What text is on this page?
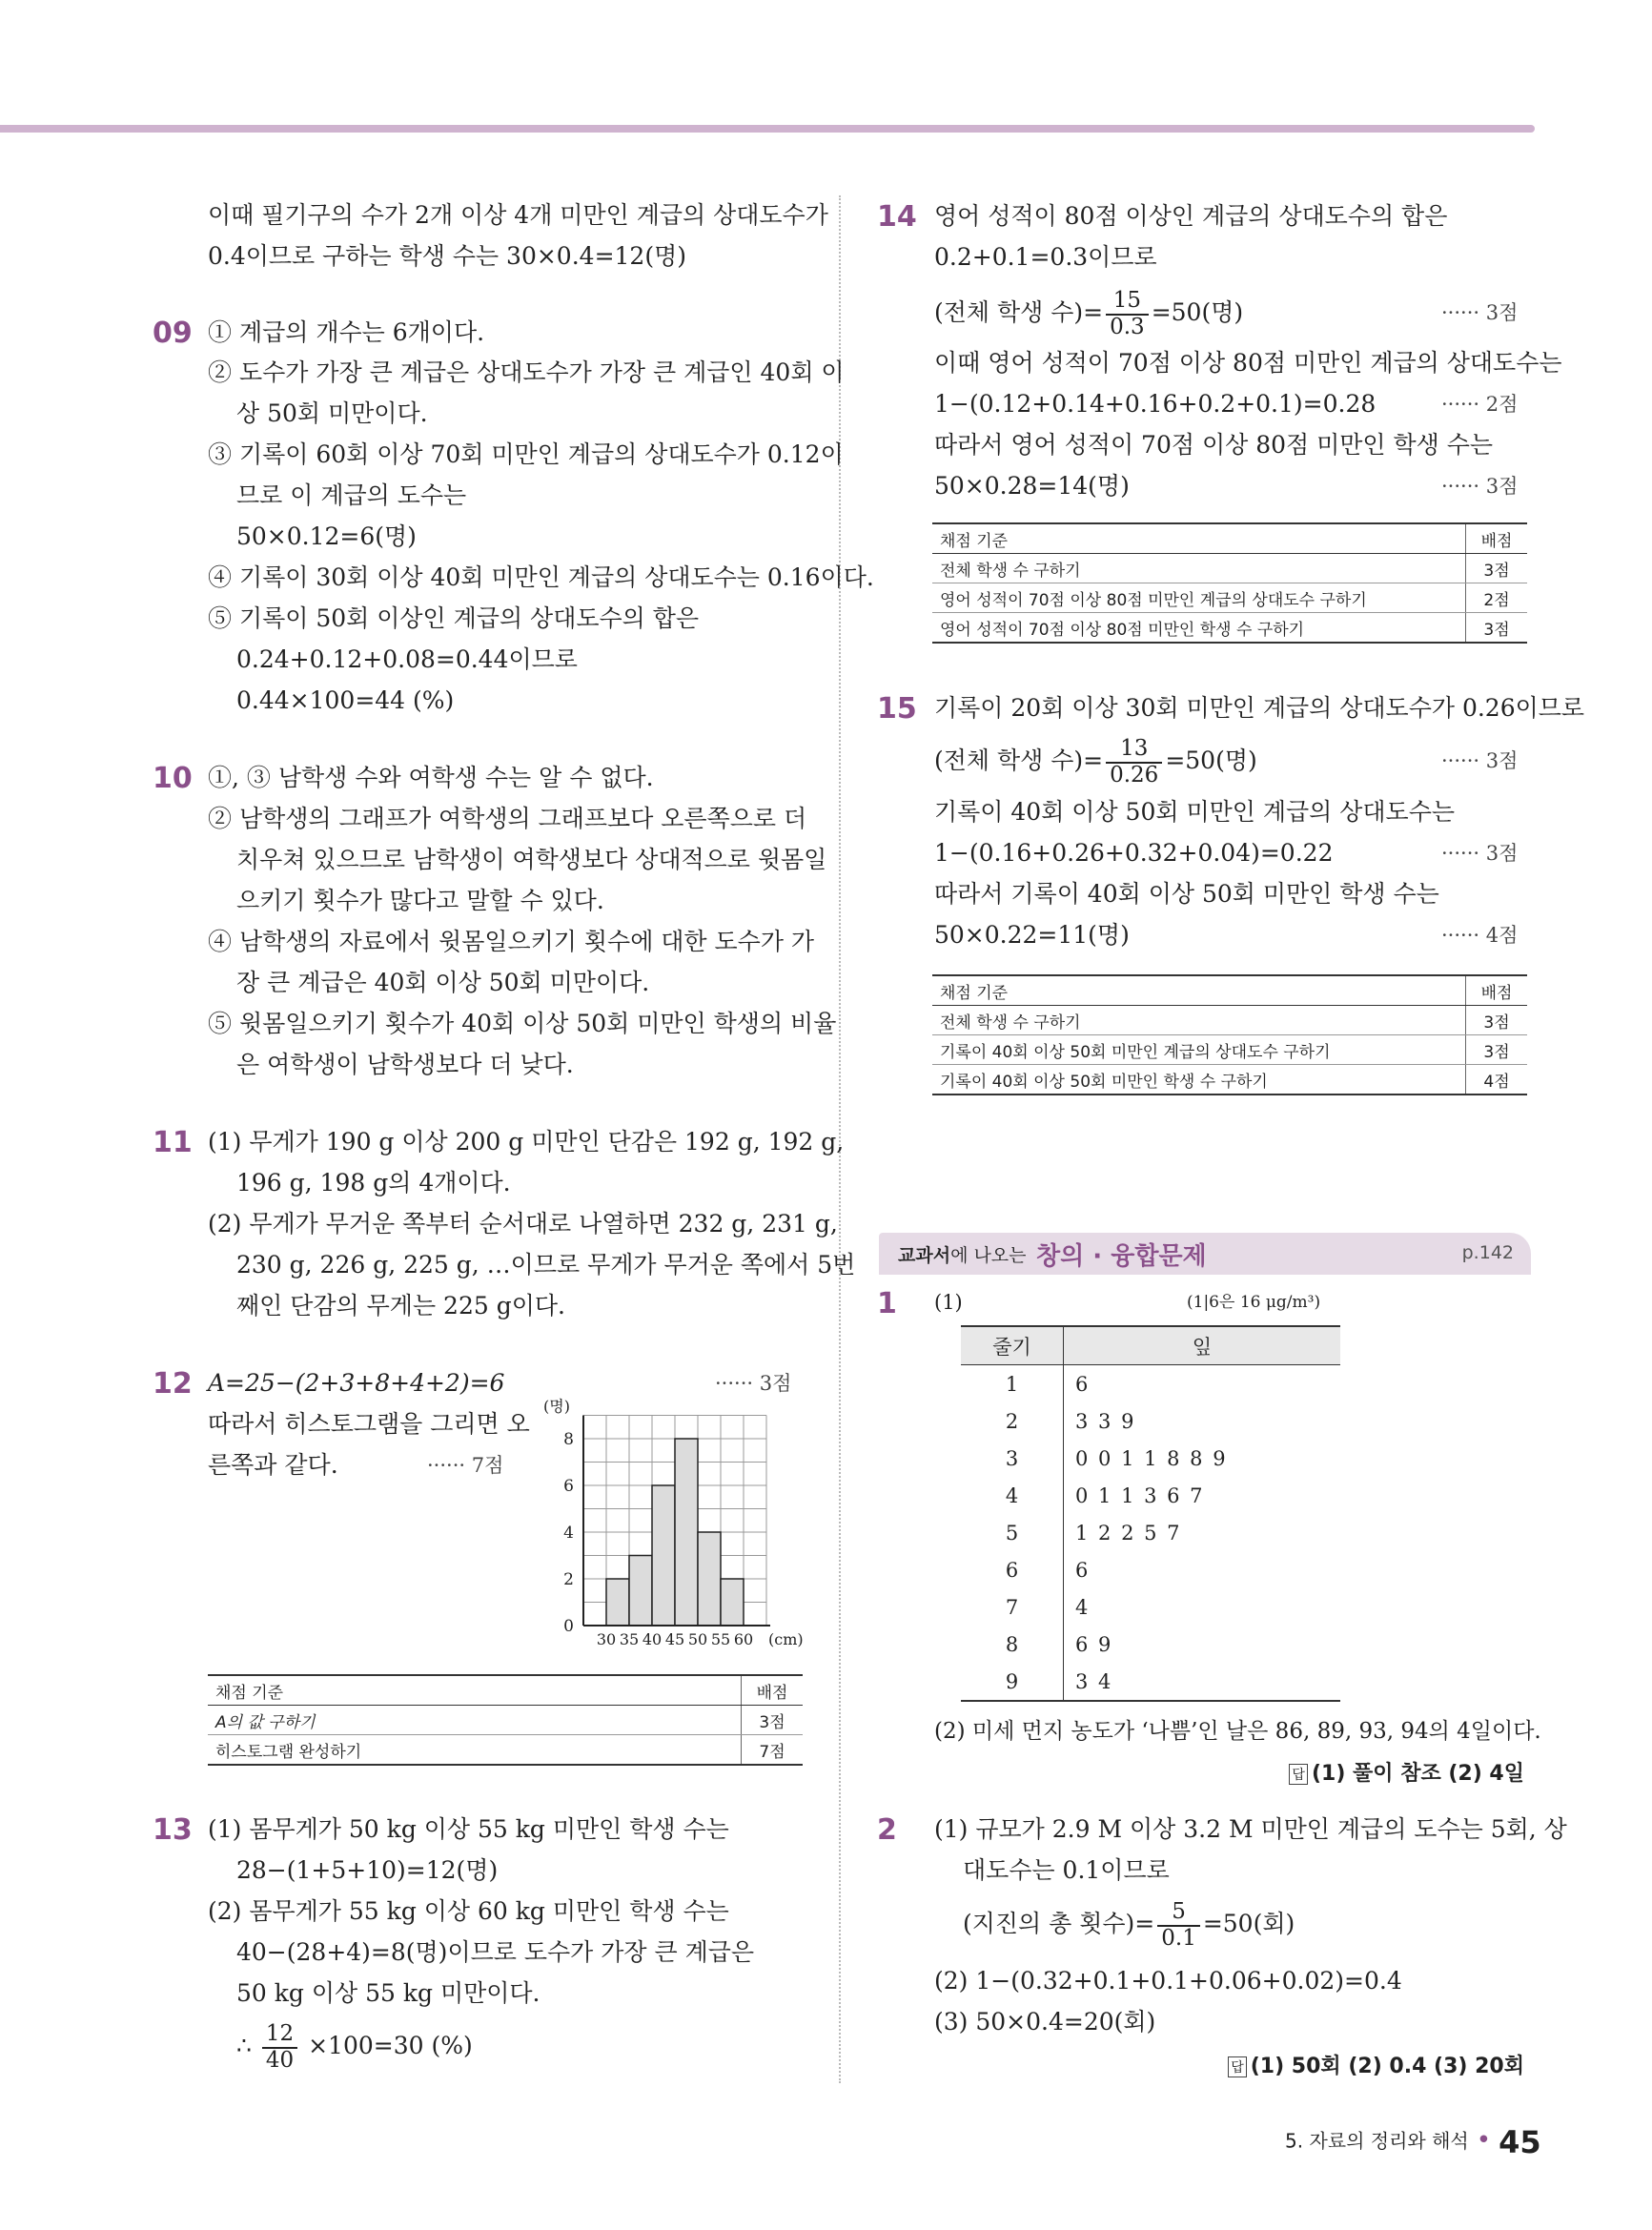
이때 필기구의 수가 2개 이상 4개 미만인 계급의 상대도수가
0.4이므로 구하는 학생 수는 30×0.4=12(명)
09 ① 계급의 개수는 6개이다.
② 도수가 가장 큰 계급은 상대도수가 가장 큰 계급인 40회 이
상 50회 미만이다.
③ 기록이 60회 이상 70회 미만인 계급의 상대도수가 0.12이
므로 이 계급의 도수는
50×0.12=6(명)
④ 기록이 30회 이상 40회 미만인 계급의 상대도수는 0.16이다.
⑤ 기록이 50회 이상인 계급의 상대도수의 합은
0.24+0.12+0.08=0.44이므로
0.44×100=44 (%)
10 ①, ③ 남학생 수와 여학생 수는 알 수 없다.
② 남학생의 그래프가 여학생의 그래프보다 오른쪽으로 더
치우쳐 있으므로 남학생이 여학생보다 상대적으로 윗몸일
으키기 횟수가 많다고 말할 수 있다.
④ 남학생의 자료에서 윗몸일으키기 횟수에 대한 도수가 가
장 큰 계급은 40회 이상 50회 미만이다.
⑤ 윗몸일으키기 횟수가 40회 이상 50회 미만인 학생의 비율
은 여학생이 남학생보다 더 낮다.
11 (1) 무게가 190 g 이상 200 g 미만인 단감은 192 g, 192 g,
196 g, 198 g의 4개이다.
(2) 무게가 무거운 쪽부터 순서대로 나열하면 232 g, 231 g,
230 g, 226 g, 225 g, …이므로 무게가 무거운 쪽에서 5번
째인 단감의 무게는 225 g이다.
12 A=25−(2+3+8+4+2)=6	······ 3점
따라서 히스토그램을 그리면 오
른쪽과 같다.	······ 7점
0
2
4
6
8
30 35 40 45 50 55 60
(명)
(cm)
채점 기준	배점
A의 값 구하기	3점
히스토그램 완성하기	7점
13 (1) 몸무게가 50 kg 이상 55 kg 미만인 학생 수는
28−(1+5+10)=12(명)
(2) 몸무게가 55 kg 이상 60 kg 미만인 학생 수는
40−(28+4)=8(명)이므로 도수가 가장 큰 계급은
50 kg 이상 55 kg 미만이다.
∴ $\frac{12}{40} \times 100=30$ (%)
14 영어 성적이 80점 이상인 계급의 상대도수의 합은
0.2+0.1=0.3이므로
(전체 학생 수)= $\frac{15}{0.3} =50$(명)	······ 3점
이때 영어 성적이 70점 이상 80점 미만인 계급의 상대도수는
1−(0.12+0.14+0.16+0.2+0.1)=0.28	······ 2점
따라서 영어 성적이 70점 이상 80점 미만인 학생 수는
50×0.28=14(명)	······ 3점
채점 기준	배점
전체 학생 수 구하기	3점
영어 성적이 70점 이상 80점 미만인 계급의 상대도수 구하기	2점
영어 성적이 70점 이상 80점 미만인 학생 수 구하기	3점
15 기록이 20회 이상 30회 미만인 계급의 상대도수가 0.26이므로
(전체 학생 수)= $\frac{13}{0.26} =50$(명)	······ 3점
기록이 40회 이상 50회 미만인 계급의 상대도수는
1−(0.16+0.26+0.32+0.04)=0.22	······ 3점
따라서 기록이 40회 이상 50회 미만인 학생 수는
50×0.22=11(명)	······ 4점
채점 기준	배점
전체 학생 수 구하기	3점
기록이 40회 이상 50회 미만인 계급의 상대도수 구하기	3점
기록이 40회 이상 50회 미만인 학생 수 구하기	4점
교과서에 나오는 창의 · 융합문제	p.142
1 (1)	(1|6은 16 μg/m³)
줄기	잎
1	6
2	3 3 9
3	0 0 1 1 8 8 9
4	0 1 1 3 6 7
5	1 2 2 5 7
6	6
7	4
8	6 9
9	3 4
(2) 미세 먼지 농도가 ‘나쁨’인 날은 86, 89, 93, 94의 4일이다.
답 (1) 풀이 참조 (2) 4일
2 (1) 규모가 2.9 M 이상 3.2 M 미만인 계급의 도수는 5회, 상
대도수는 0.1이므로
(지진의 총 횟수)= $\frac{5}{0.1} =50$(회)
(2) 1−(0.32+0.1+0.1+0.06+0.02)=0.4
(3) 50×0.4=20(회)
답 (1) 50회 (2) 0.4 (3) 20회
5. 자료의 정리와 해석 • 45
